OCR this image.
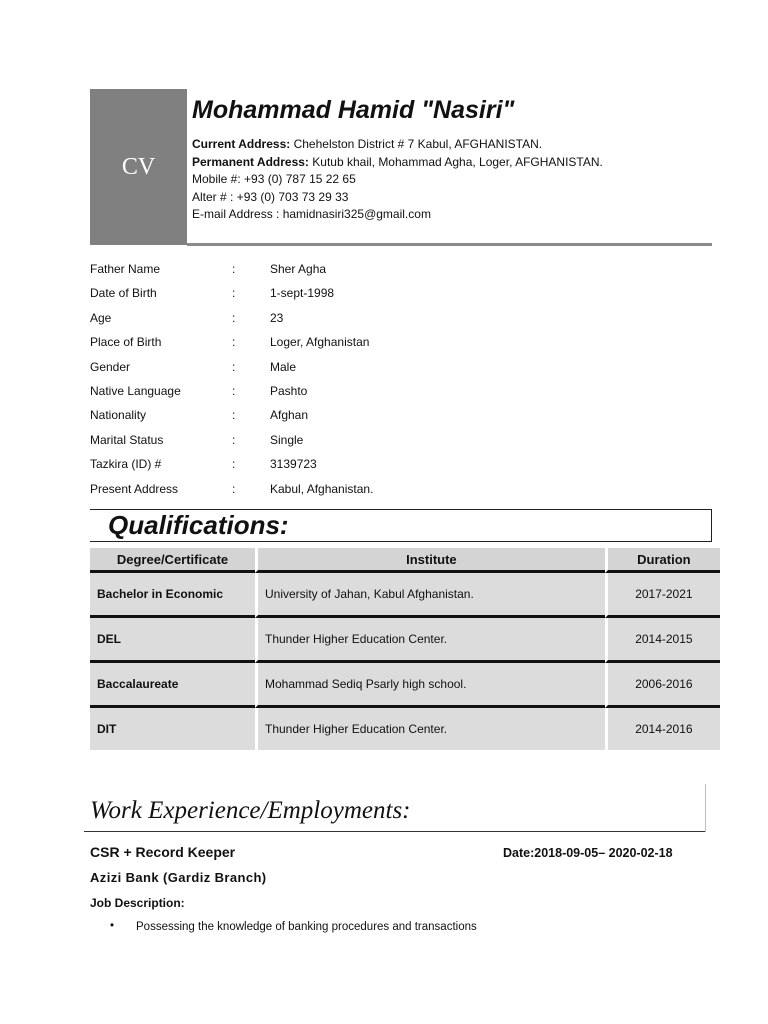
CV
Mohammad Hamid "Nasiri"
Current Address: Chehelston District # 7 Kabul, AFGHANISTAN.
Permanent Address: Kutub khail, Mohammad Agha, Loger, AFGHANISTAN.
Mobile #: +93 (0) 787 15 22 65
Alter # : +93 (0) 703 73 29 33
E-mail Address : hamidnasiri325@gmail.com
Father Name	:	Sher Agha
Date of Birth	:	1-sept-1998
Age	:	23
Place of Birth	:	Loger, Afghanistan
Gender	:	Male
Native Language	:	Pashto
Nationality	:	Afghan
Marital Status	:	Single
Tazkira (ID) #	:	3139723
Present Address	:	Kabul, Afghanistan.
Qualifications:
Degree/Certificate	Institute	Duration
Bachelor in Economic	University of Jahan, Kabul Afghanistan.	2017-2021
DEL	Thunder Higher Education Center.	2014-2015
Baccalaureate	Mohammad Sediq Psarly high school.	2006-2016
DIT	Thunder Higher Education Center.	2014-2016
Work Experience/Employments:
CSR + Record Keeper	Date:2018-09-05– 2020-02-18
Azizi Bank (Gardiz Branch)
Job Description:
• Possessing the knowledge of banking procedures and transactions
